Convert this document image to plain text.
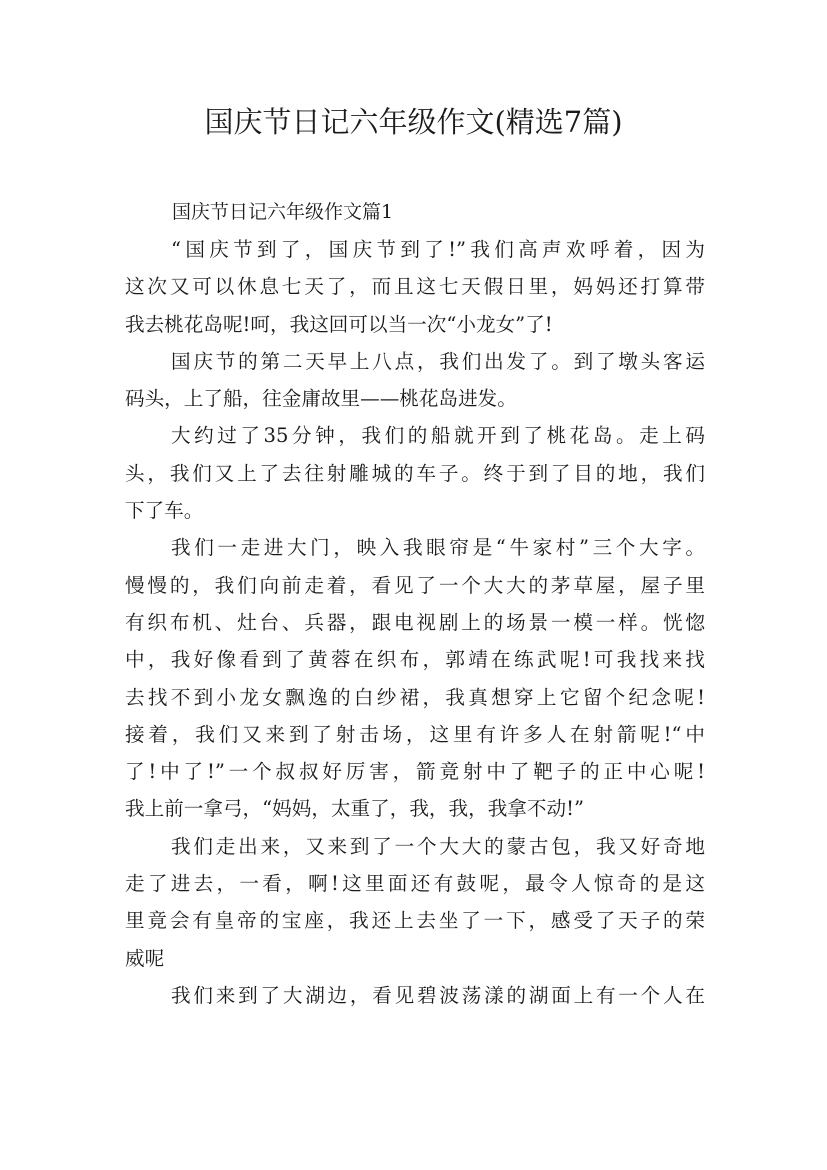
国庆节日记六年级作文(精选7篇)
国庆节日记六年级作文篇1
“国庆节到了，国庆节到了!”我们高声欢呼着，因为
这次又可以休息七天了，而且这七天假日里，妈妈还打算带
我去桃花岛呢!呵，我这回可以当一次“小龙女”了!
国庆节的第二天早上八点，我们出发了。到了墩头客运
码头，上了船，往金庸故里——桃花岛进发。
大约过了35分钟，我们的船就开到了桃花岛。走上码
头，我们又上了去往射雕城的车子。终于到了目的地，我们
下了车。
我们一走进大门，映入我眼帘是“牛家村”三个大字。
慢慢的，我们向前走着，看见了一个大大的茅草屋，屋子里
有织布机、灶台、兵器，跟电视剧上的场景一模一样。恍惚
中，我好像看到了黄蓉在织布，郭靖在练武呢!可我找来找
去找不到小龙女飘逸的白纱裙，我真想穿上它留个纪念呢!
接着，我们又来到了射击场，这里有许多人在射箭呢!“中
了!中了!”一个叔叔好厉害，箭竟射中了靶子的正中心呢!
我上前一拿弓，“妈妈，太重了，我，我，我拿不动!”
我们走出来，又来到了一个大大的蒙古包，我又好奇地
走了进去，一看，啊!这里面还有鼓呢，最令人惊奇的是这
里竟会有皇帝的宝座，我还上去坐了一下，感受了天子的荣
威呢
我们来到了大湖边，看见碧波荡漾的湖面上有一个人在
